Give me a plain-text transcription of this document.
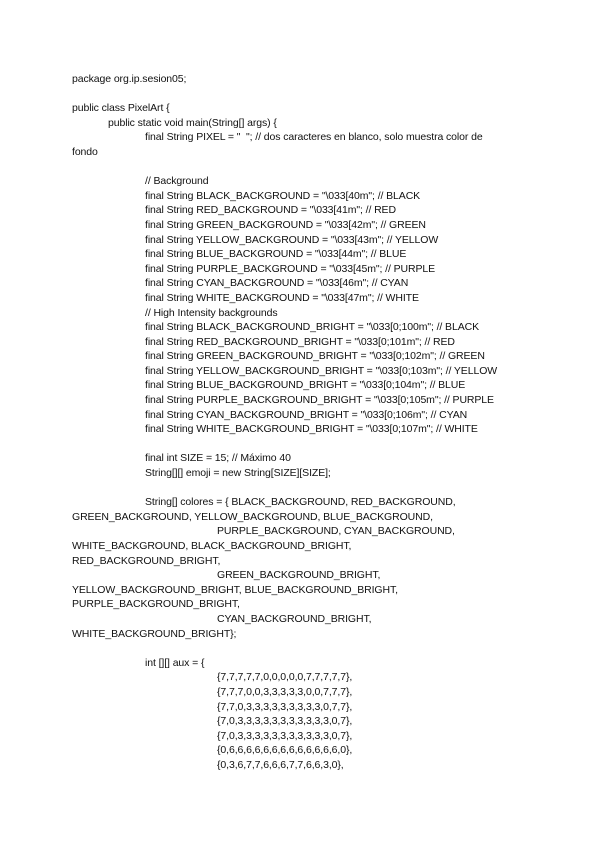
package org.ip.sesion05;
public class PixelArt {
public static void main(String[] args) {
final String PIXEL = "  "; // dos caracteres en blanco, solo muestra color de
fondo
// Background
final String BLACK_BACKGROUND = "\033[40m"; // BLACK
final String RED_BACKGROUND = "\033[41m"; // RED
final String GREEN_BACKGROUND = "\033[42m"; // GREEN
final String YELLOW_BACKGROUND = "\033[43m"; // YELLOW
final String BLUE_BACKGROUND = "\033[44m"; // BLUE
final String PURPLE_BACKGROUND = "\033[45m"; // PURPLE
final String CYAN_BACKGROUND = "\033[46m"; // CYAN
final String WHITE_BACKGROUND = "\033[47m"; // WHITE
// High Intensity backgrounds
final String BLACK_BACKGROUND_BRIGHT = "\033[0;100m"; // BLACK
final String RED_BACKGROUND_BRIGHT = "\033[0;101m"; // RED
final String GREEN_BACKGROUND_BRIGHT = "\033[0;102m"; // GREEN
final String YELLOW_BACKGROUND_BRIGHT = "\033[0;103m"; // YELLOW
final String BLUE_BACKGROUND_BRIGHT = "\033[0;104m"; // BLUE
final String PURPLE_BACKGROUND_BRIGHT = "\033[0;105m"; // PURPLE
final String CYAN_BACKGROUND_BRIGHT = "\033[0;106m"; // CYAN
final String WHITE_BACKGROUND_BRIGHT = "\033[0;107m"; // WHITE
final int SIZE = 15; // Máximo 40
String[][] emoji = new String[SIZE][SIZE];
String[] colores = { BLACK_BACKGROUND, RED_BACKGROUND,
GREEN_BACKGROUND, YELLOW_BACKGROUND, BLUE_BACKGROUND,
PURPLE_BACKGROUND, CYAN_BACKGROUND,
WHITE_BACKGROUND, BLACK_BACKGROUND_BRIGHT,
RED_BACKGROUND_BRIGHT,
GREEN_BACKGROUND_BRIGHT,
YELLOW_BACKGROUND_BRIGHT, BLUE_BACKGROUND_BRIGHT,
PURPLE_BACKGROUND_BRIGHT,
CYAN_BACKGROUND_BRIGHT,
WHITE_BACKGROUND_BRIGHT};
int [][] aux = {
{7,7,7,7,7,0,0,0,0,0,7,7,7,7,7},
{7,7,7,0,0,3,3,3,3,3,0,0,7,7,7},
{7,7,0,3,3,3,3,3,3,3,3,3,0,7,7},
{7,0,3,3,3,3,3,3,3,3,3,3,3,0,7},
{7,0,3,3,3,3,3,3,3,3,3,3,3,0,7},
{0,6,6,6,6,6,6,6,6,6,6,6,6,6,0},
{0,3,6,7,7,6,6,6,7,7,6,6,3,0},
